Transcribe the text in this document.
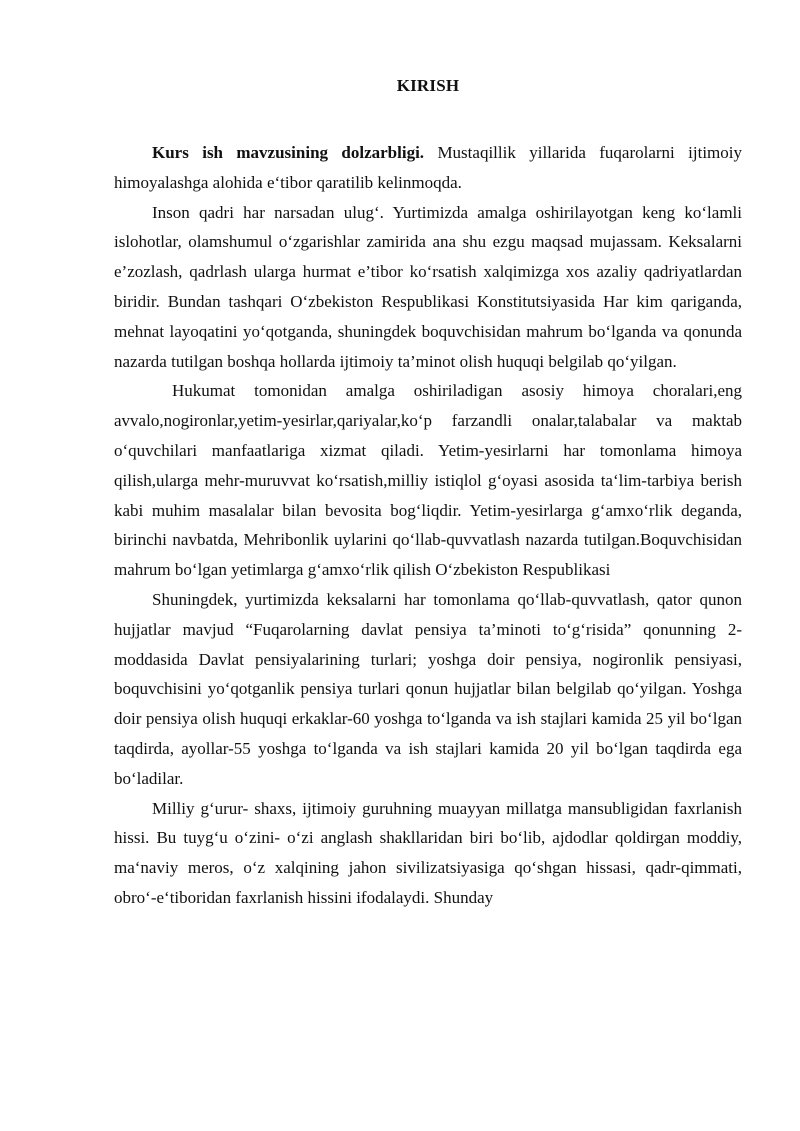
KIRISH

Kurs ish mavzusining dolzarbligi. Mustaqillik yillarida fuqarolarni ijtimoiy himoyalashga alohida e‘tibor qaratilib kelinmoqda.

Inson qadri har narsadan ulug‘. Yurtimizda amalga oshirilayotgan keng ko‘lamli islohotlar, olamshumul o‘zgarishlar zamirida ana shu ezgu maqsad mujassam. Keksalarni e’zozlash, qadrlash ularga hurmat e’tibor ko‘rsatish xalqimizga xos azaliy qadriyatlardan biridir. Bundan tashqari O‘zbekiston Respublikasi Konstitutsiyasida Har kim qariganda, mehnat layoqatini yo‘qotganda, shuningdek boquvchisidan mahrum bo‘lganda va qonunda nazarda tutilgan boshqa hollarda ijtimoiy ta’minot olish huquqi belgilab qo‘yilgan.

Hukumat tomonidan amalga oshiriladigan asosiy himoya choralari,eng avvalo,nogironlar,yetim-yesirlar,qariyalar,ko‘p farzandli onalar,talabalar va maktab o‘quvchilari manfaatlariga xizmat qiladi. Yetim-yesirlarni har tomonlama himoya qilish,ularga mehr-muruvvat ko‘rsatish,milliy istiqlol g‘oyasi asosida ta‘lim-tarbiya berish kabi muhim masalalar bilan bevosita bog‘liqdir. Yetim-yesirlarga g‘amxo‘rlik deganda, birinchi navbatda, Mehribonlik uylarini qo‘llab-quvvatlash nazarda tutilgan.Boquvchisidan mahrum bo‘lgan yetimlarga g‘amxo‘rlik qilish O‘zbekiston Respublikasi

Shuningdek, yurtimizda keksalarni har tomonlama qo‘llab-quvvatlash, qator qunon hujjatlar mavjud “Fuqarolarning davlat pensiya ta’minoti to‘g‘risida” qonunning 2-moddasida Davlat pensiyalarining turlari; yoshga doir pensiya, nogironlik pensiyasi, boquvchisini yo‘qotganlik pensiya turlari qonun hujjatlar bilan belgilab qo‘yilgan. Yoshga doir pensiya olish huquqi erkaklar-60 yoshga to‘lganda va ish stajlari kamida 25 yil bo‘lgan taqdirda, ayollar-55 yoshga to‘lganda va ish stajlari kamida 20 yil bo‘lgan taqdirda ega bo‘ladilar.

Milliy g‘urur- shaxs, ijtimoiy guruhning muayyan millatga mansubligidan faxrlanish hissi. Bu tuyg‘u o‘zini- o‘zi anglash shakllaridan biri bo‘lib, ajdodlar qoldirgan moddiy, ma‘naviy meros, o‘z xalqining jahon sivilizatsiyasiga qo‘shgan hissasi, qadr-qimmati, obro‘-e‘tiboridan faxrlanish hissini ifodalaydi. Shunday
